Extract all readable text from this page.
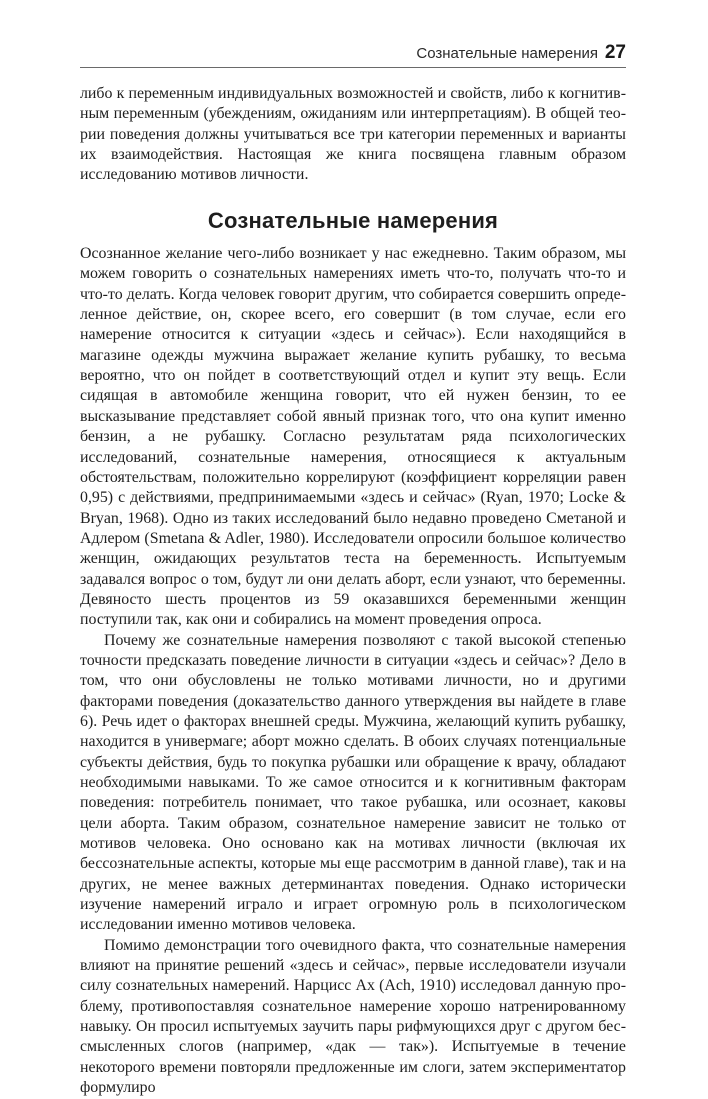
Сознательные намерения 27

либо к переменным индивидуальных возможностей и свойств, либо к когнитивным переменным (убеждениям, ожиданиям или интерпретациям). В общей теории поведения должны учитываться все три категории переменных и варианты их взаимодействия. Настоящая же книга посвящена главным образом исследованию мотивов личности.

Сознательные намерения

Осознанное желание чего-либо возникает у нас ежедневно. Таким образом, мы можем говорить о сознательных намерениях иметь что-то, получать что-то и что-то делать. Когда человек говорит другим, что собирается совершить определенное действие, он, скорее всего, его совершит (в том случае, если его намерение относится к ситуации «здесь и сейчас»). Если находящийся в магазине одежды мужчина выражает желание купить рубашку, то весьма вероятно, что он пойдет в соответствующий отдел и купит эту вещь. Если сидящая в автомобиле женщина говорит, что ей нужен бензин, то ее высказывание представляет собой явный признак того, что она купит именно бензин, а не рубашку. Согласно результатам ряда психологических исследований, сознательные намерения, относящиеся к актуальным обстоятельствам, положительно коррелируют (коэффициент корреляции равен 0,95) с действиями, предпринимаемыми «здесь и сейчас» (Ryan, 1970; Locke & Bryan, 1968). Одно из таких исследований было недавно проведено Сметаной и Адлером (Smetana & Adler, 1980). Исследователи опросили большое количество женщин, ожидающих результатов теста на беременность. Испытуемым задавался вопрос о том, будут ли они делать аборт, если узнают, что беременны. Девяносто шесть процентов из 59 оказавшихся беременными женщин поступили так, как они и собирались на момент проведения опроса.

Почему же сознательные намерения позволяют с такой высокой степенью точности предсказать поведение личности в ситуации «здесь и сейчас»? Дело в том, что они обусловлены не только мотивами личности, но и другими факторами поведения (доказательство данного утверждения вы найдете в главе 6). Речь идет о факторах внешней среды. Мужчина, желающий купить рубашку, находится в универмаге; аборт можно сделать. В обоих случаях потенциальные субъекты действия, будь то покупка рубашки или обращение к врачу, обладают необходимыми навыками. То же самое относится и к когнитивным факторам поведения: потребитель понимает, что такое рубашка, или осознает, каковы цели аборта. Таким образом, сознательное намерение зависит не только от мотивов человека. Оно основано как на мотивах личности (включая их бессознательные аспекты, которые мы еще рассмотрим в данной главе), так и на других, не менее важных детерминантах поведения. Однако исторически изучение намерений играло и играет огромную роль в психологическом исследовании именно мотивов человека.

Помимо демонстрации того очевидного факта, что сознательные намерения влияют на принятие решений «здесь и сейчас», первые исследователи изучали силу сознательных намерений. Нарцисс Ах (Ach, 1910) исследовал данную проблему, противопоставляя сознательное намерение хорошо натренированному навыку. Он просил испытуемых заучить пары рифмующихся друг с другом бессмысленных слогов (например, «дак — так»). Испытуемые в течение некоторого времени повторяли предложенные им слоги, затем экспериментатор формулиро
